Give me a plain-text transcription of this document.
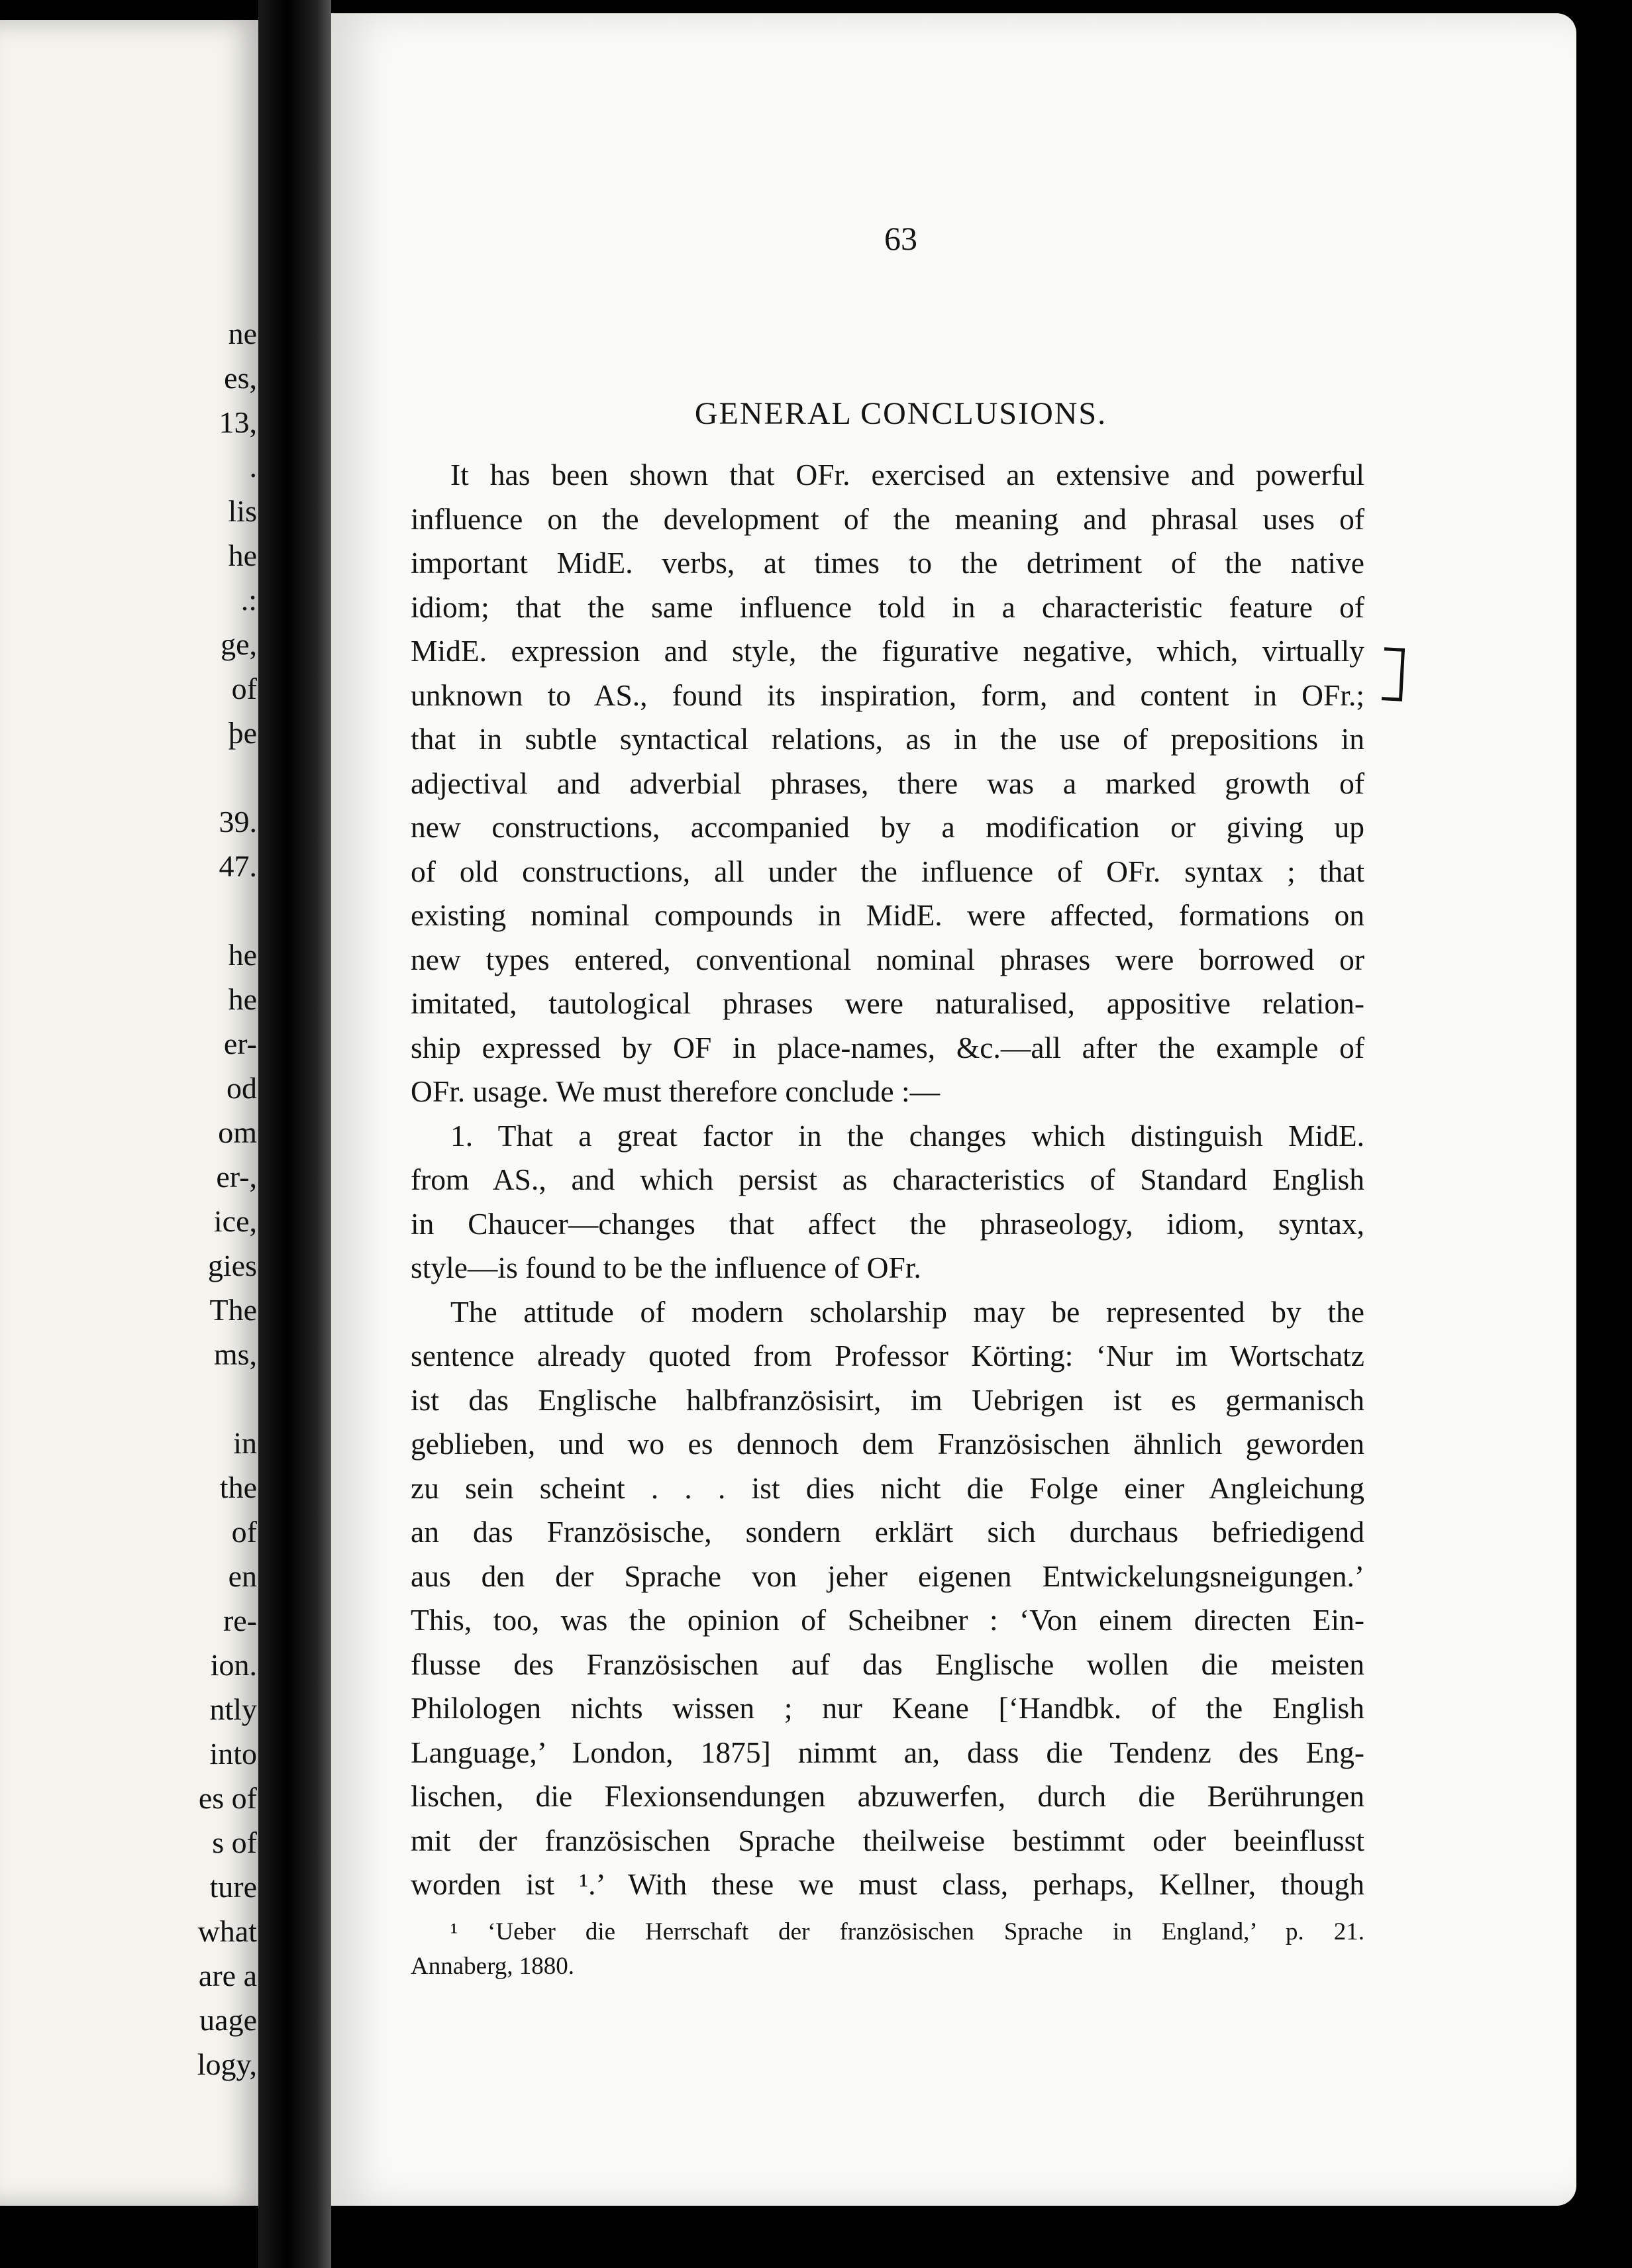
ne
es,
13,
.
lis
he
.:
ge,
of
þe
39.
47.
he
he
er-
od
om
er-,
ice,
gies
The
ms,
in
the
of
en
re-
ion.
ntly
into
es of
s of
ture
what
are a
uage
logy,
63
GENERAL CONCLUSIONS.
It has been shown that OFr. exercised an extensive and powerful
influence on the development of the meaning and phrasal uses of
important MidE. verbs, at times to the detriment of the native
idiom; that the same influence told in a characteristic feature of
MidE. expression and style, the figurative negative, which, virtually
unknown to AS., found its inspiration, form, and content in OFr.;
that in subtle syntactical relations, as in the use of prepositions in
adjectival and adverbial phrases, there was a marked growth of
new constructions, accompanied by a modification or giving up
of old constructions, all under the influence of OFr. syntax ; that
existing nominal compounds in MidE. were affected, formations on
new types entered, conventional nominal phrases were borrowed or
imitated, tautological phrases were naturalised, appositive relation-
ship expressed by OF in place-names, &c.—all after the example of
OFr. usage. We must therefore conclude :—
1. That a great factor in the changes which distinguish MidE.
from AS., and which persist as characteristics of Standard English
in Chaucer—changes that affect the phraseology, idiom, syntax,
style—is found to be the influence of OFr.
The attitude of modern scholarship may be represented by the
sentence already quoted from Professor Körting: ‘Nur im Wortschatz
ist das Englische halbfranzösisirt, im Uebrigen ist es germanisch
geblieben, und wo es dennoch dem Französischen ähnlich geworden
zu sein scheint . . . ist dies nicht die Folge einer Angleichung
an das Französische, sondern erklärt sich durchaus befriedigend
aus den der Sprache von jeher eigenen Entwickelungsneigungen.’
This, too, was the opinion of Scheibner : ‘Von einem directen Ein-
flusse des Französischen auf das Englische wollen die meisten
Philologen nichts wissen ; nur Keane [‘Handbk. of the English
Language,’ London, 1875] nimmt an, dass die Tendenz des Eng-
lischen, die Flexionsendungen abzuwerfen, durch die Berührungen
mit der französischen Sprache theilweise bestimmt oder beeinflusst
worden ist ¹.’ With these we must class, perhaps, Kellner, though
¹ ‘Ueber die Herrschaft der französischen Sprache in England,’ p. 21.
Annaberg, 1880.
